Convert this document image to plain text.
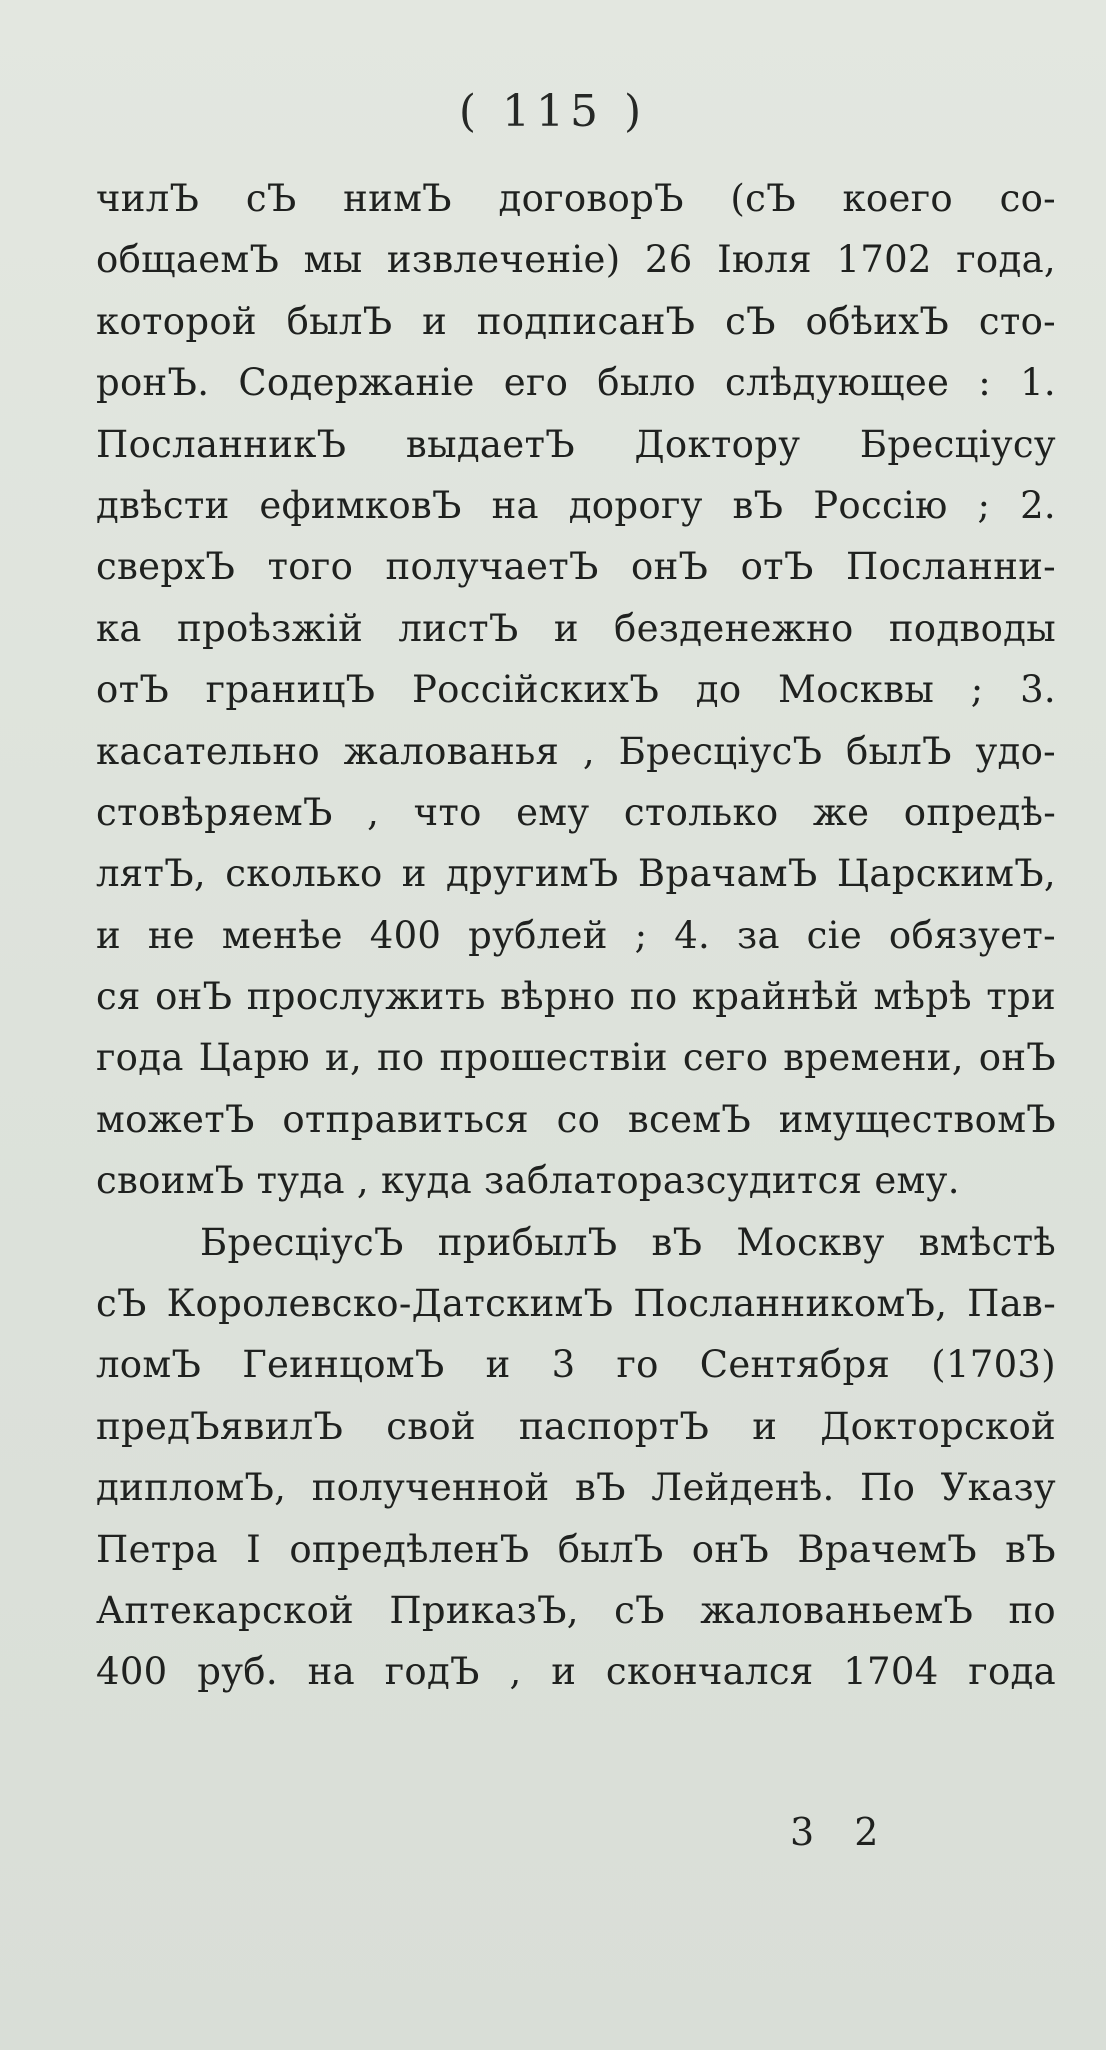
( 115 )
чилЪ сЪ нимЪ договорЪ (сЪ коего со-
общаемЪ мы извлеченіе) 26 Іюля 1702 года,
которой былЪ и подписанЪ сЪ обѣихЪ сто-
ронЪ. Содержаніе его было слѣдующее : 1.
ПосланникЪ выдаетЪ Доктору Бресціусу
двѣсти ефимковЪ на дорогу вЪ Россію ; 2.
сверхЪ того получаетЪ онЪ отЪ Посланни-
ка проѣзжій листЪ и безденежно подводы
отЪ границЪ РоссійскихЪ до Москвы ; 3.
касательно жалованья , БресціусЪ былЪ удо-
стовѣряемЪ , что ему столько же опредѣ-
лятЪ, сколько и другимЪ ВрачамЪ ЦарскимЪ,
и не менѣе 400 рублей ; 4. за сіе обязует-
ся онЪ прослужить вѣрно по крайнѣй мѣрѣ три
года Царю и, по прошествіи сего времени, онЪ
можетЪ отправиться со всемЪ имуществомЪ
своимЪ туда , куда заблаторазсудится ему.
БресціусЪ прибылЪ вЪ Москву вмѣстѣ
сЪ Королевско-ДатскимЪ ПосланникомЪ, Пав-
ломЪ ГеинцомЪ и 3 го Сентября (1703)
предЪявилЪ свой паспортЪ и Докторской
дипломЪ, полученной вЪ Лейденѣ. По Указу
Петра I опредѣленЪ былЪ онЪ ВрачемЪ вЪ
Аптекарской ПриказЪ, сЪ жалованьемЪ по
400 руб. на годЪ , и скончался 1704 года
3 2
